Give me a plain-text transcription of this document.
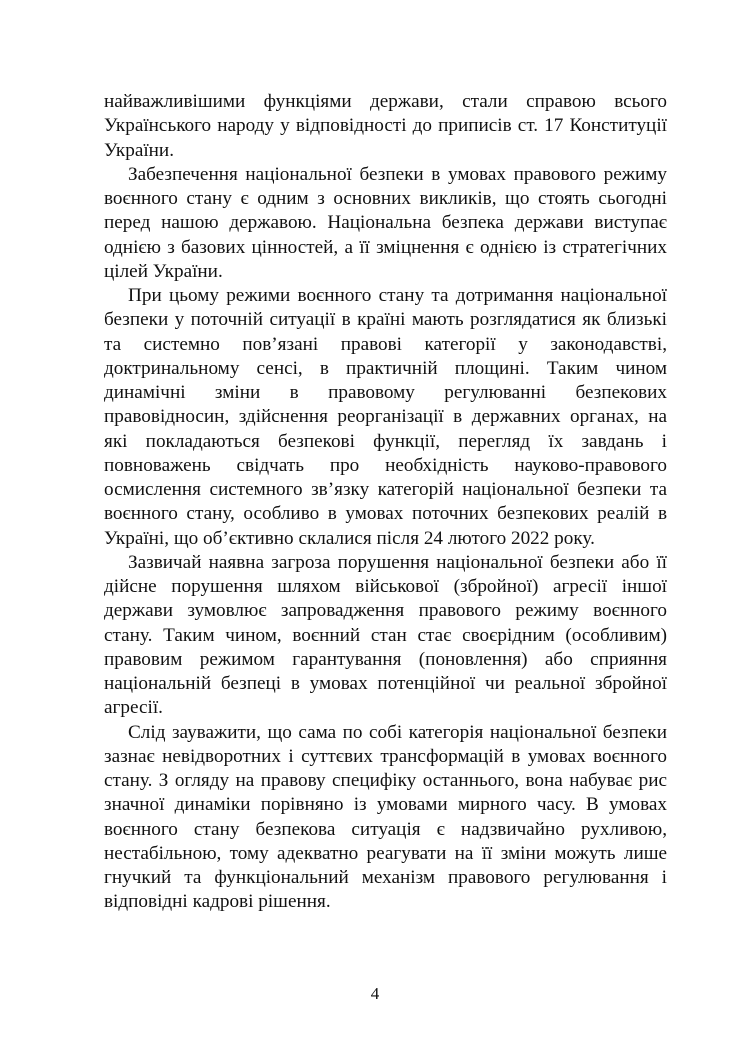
найважливішими функціями держави, стали справою всього Українського народу у відповідності до приписів ст. 17 Конституції України.

Забезпечення національної безпеки в умовах правового режиму воєнного стану є одним з основних викликів, що стоять сьогодні перед нашою державою. Національна безпека держави виступає однією з базових цінностей, а її зміцнення є однією із стратегічних цілей України.

При цьому режими воєнного стану та дотримання національної безпеки у поточній ситуації в країні мають розглядатися як близькі та системно пов’язані правові категорії у законодавстві, доктринальному сенсі, в практичній площині. Таким чином динамічні зміни в правовому регулюванні безпекових правовідносин, здійснення реорганізації в державних органах, на які покладаються безпекові функції, перегляд їх завдань і повноважень свідчать про необхідність науково-правового осмислення системного зв’язку категорій національної безпеки та воєнного стану, особливо в умовах поточних безпекових реалій в Україні, що об’єктивно склалися після 24 лютого 2022 року.

Зазвичай наявна загроза порушення національної безпеки або її дійсне порушення шляхом військової (збройної) агресії іншої держави зумовлює запровадження правового режиму воєнного стану. Таким чином, воєнний стан стає своєрідним (особливим) правовим режимом гарантування (поновлення) або сприяння національній безпеці в умовах потенційної чи реальної збройної агресії.

Слід зауважити, що сама по собі категорія національної безпеки зазнає невідворотних і суттєвих трансформацій в умовах воєнного стану. З огляду на правову специфіку останнього, вона набуває рис значної динаміки порівняно із умовами мирного часу. В умовах воєнного стану безпекова ситуація є надзвичайно рухливою, нестабільною, тому адекватно реагувати на її зміни можуть лише гнучкий та функціональний механізм правового регулювання і відповідні кадрові рішення.

4
